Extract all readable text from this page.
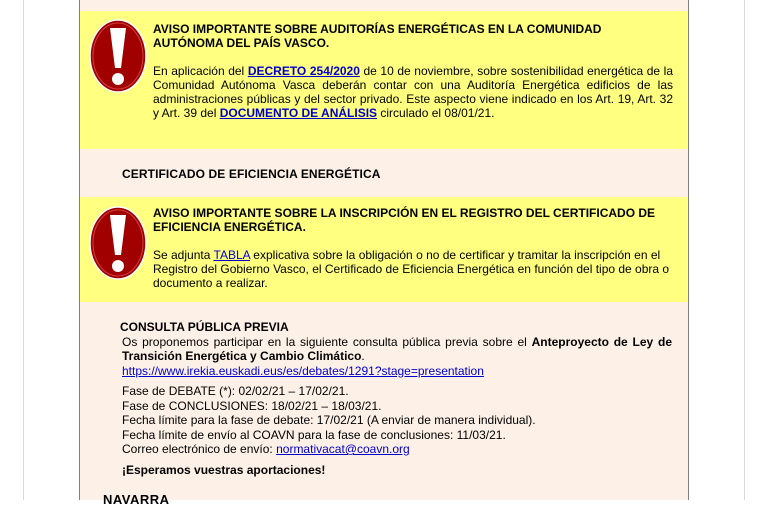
AVISO IMPORTANTE SOBRE AUDITORÍAS ENERGÉTICAS EN LA COMUNIDAD AUTÓNOMA DEL PAÍS VASCO.
En aplicación del DECRETO 254/2020 de 10 de noviembre, sobre sostenibilidad energética de la Comunidad Autónoma Vasca deberán contar con una Auditoría Energética edificios de las administraciones públicas y del sector privado. Este aspecto viene indicado en los Art. 19, Art. 32 y Art. 39 del DOCUMENTO DE ANÁLISIS circulado el 08/01/21.
CERTIFICADO DE EFICIENCIA ENERGÉTICA
AVISO IMPORTANTE SOBRE LA INSCRIPCIÓN EN EL REGISTRO DEL CERTIFICADO DE EFICIENCIA ENERGÉTICA.
Se adjunta TABLA explicativa sobre la obligación o no de certificar y tramitar la inscripción en el Registro del Gobierno Vasco, el Certificado de Eficiencia Energética en función del tipo de obra o documento a realizar.
CONSULTA PÚBLICA PREVIA
Os proponemos participar en la siguiente consulta pública previa sobre el Anteproyecto de Ley de Transición Energética y Cambio Climático.
https://www.irekia.euskadi.eus/es/debates/1291?stage=presentation
Fase de DEBATE (*): 02/02/21 – 17/02/21.
Fase de CONCLUSIONES: 18/02/21 – 18/03/21.
Fecha límite para la fase de debate: 17/02/21 (A enviar de manera individual).
Fecha límite de envío al COAVN para la fase de conclusiones: 11/03/21.
Correo electrónico de envío: normativacat@coavn.org
¡Esperamos vuestras aportaciones!
NAVARRA
